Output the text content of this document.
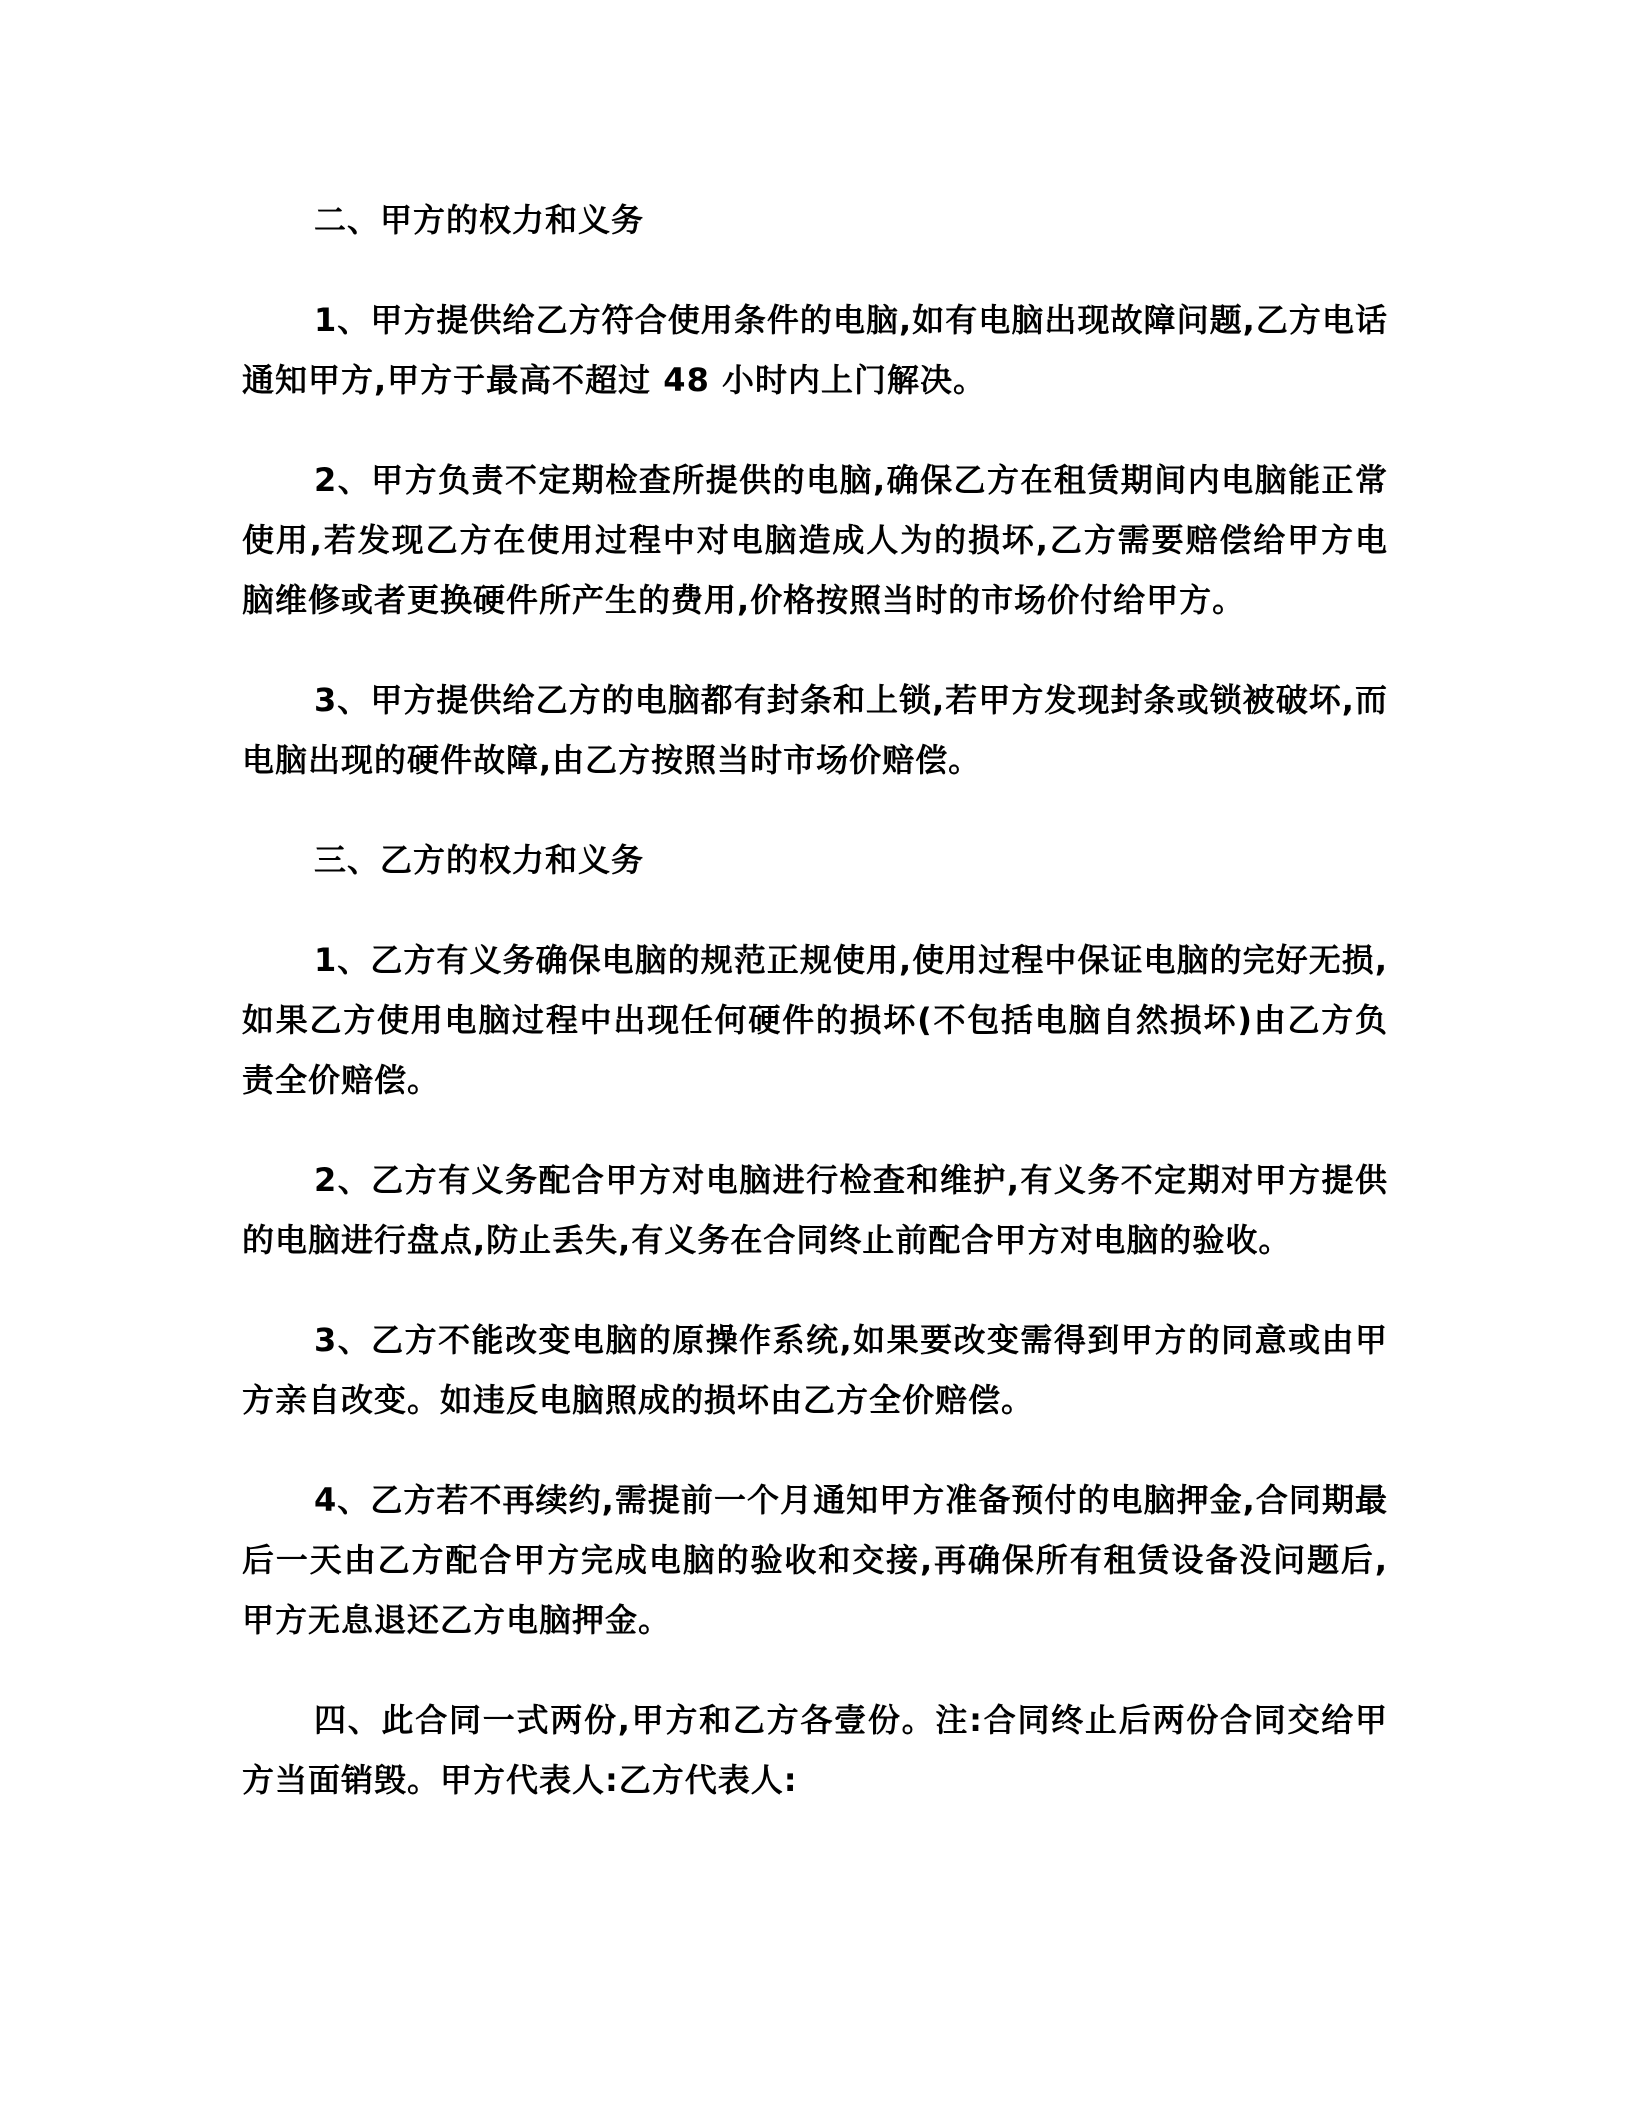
二、甲方的权力和义务

1、甲方提供给乙方符合使用条件的电脑,如有电脑出现故障问题,乙方电话通知甲方,甲方于最高不超过 48 小时内上门解决。

2、甲方负责不定期检查所提供的电脑,确保乙方在租赁期间内电脑能正常使用,若发现乙方在使用过程中对电脑造成人为的损坏,乙方需要赔偿给甲方电脑维修或者更换硬件所产生的费用,价格按照当时的市场价付给甲方。

3、甲方提供给乙方的电脑都有封条和上锁,若甲方发现封条或锁被破坏,而电脑出现的硬件故障,由乙方按照当时市场价赔偿。

三、乙方的权力和义务

1、乙方有义务确保电脑的规范正规使用,使用过程中保证电脑的完好无损,如果乙方使用电脑过程中出现任何硬件的损坏(不包括电脑自然损坏)由乙方负责全价赔偿。

2、乙方有义务配合甲方对电脑进行检查和维护,有义务不定期对甲方提供的电脑进行盘点,防止丢失,有义务在合同终止前配合甲方对电脑的验收。

3、乙方不能改变电脑的原操作系统,如果要改变需得到甲方的同意或由甲方亲自改变。如违反电脑照成的损坏由乙方全价赔偿。

4、乙方若不再续约,需提前一个月通知甲方准备预付的电脑押金,合同期最后一天由乙方配合甲方完成电脑的验收和交接,再确保所有租赁设备没问题后,甲方无息退还乙方电脑押金。

四、此合同一式两份,甲方和乙方各壹份。注:合同终止后两份合同交给甲方当面销毁。甲方代表人:乙方代表人:
